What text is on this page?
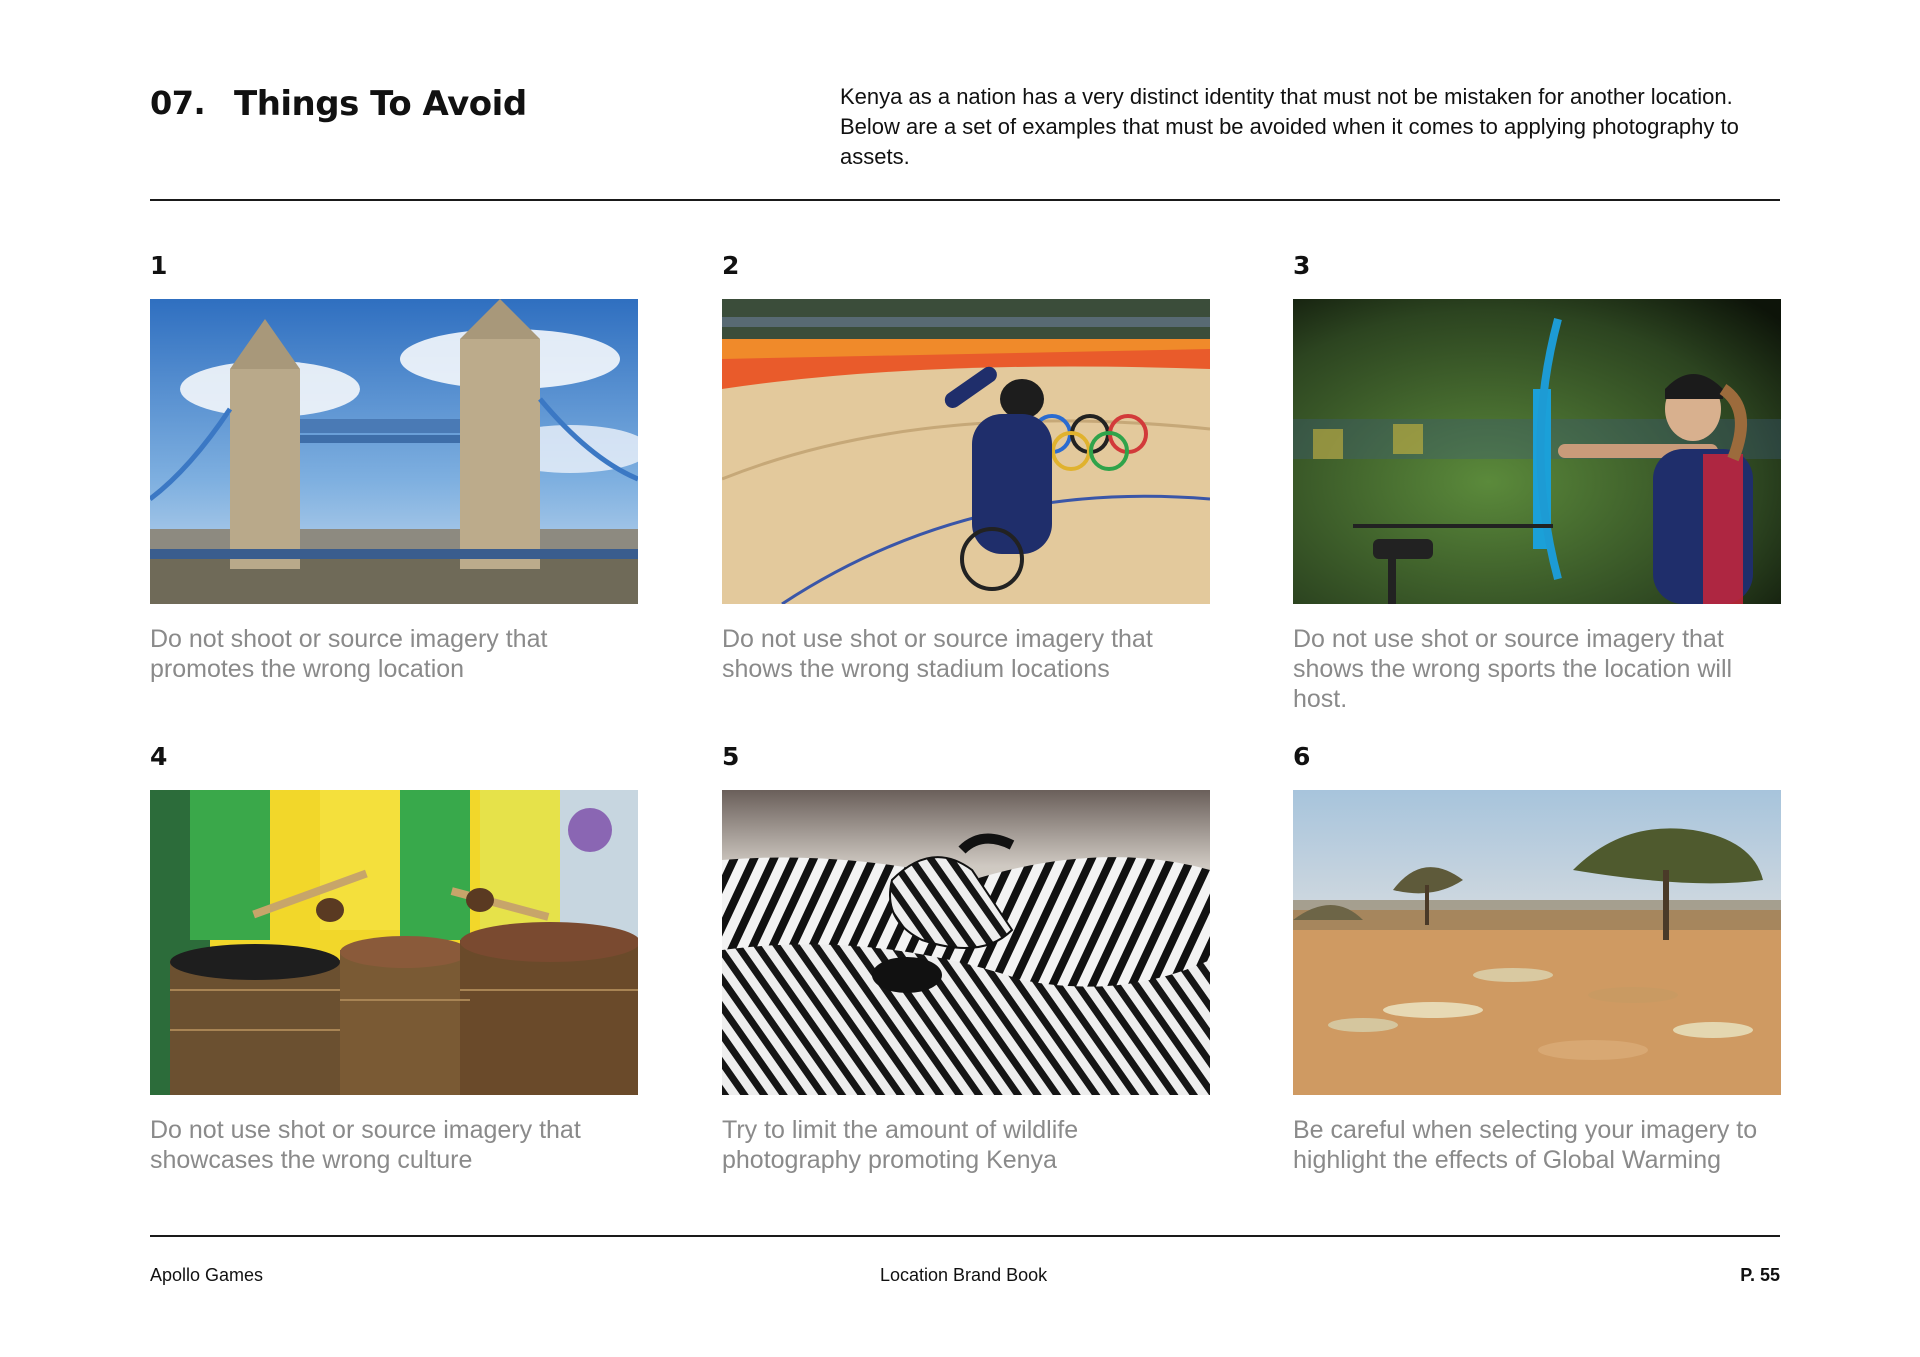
07. Things To Avoid	Kenya as a nation has a very distinct identity that must not be mistaken for another location. Below are a set of examples that must be avoided when it comes to applying photography to assets.
1
Do not shoot or source imagery that promotes the wrong location
2
Do not use shot or source imagery that shows the wrong stadium locations
3
Do not use shot or source imagery that shows the wrong sports the location will host.
4
Do not use shot or source imagery that showcases the wrong culture
5
Try to limit the amount of wildlife photography promoting Kenya
6
Be careful when selecting your imagery to highlight the effects of Global Warming
Apollo Games	Location Brand Book	P. 55
